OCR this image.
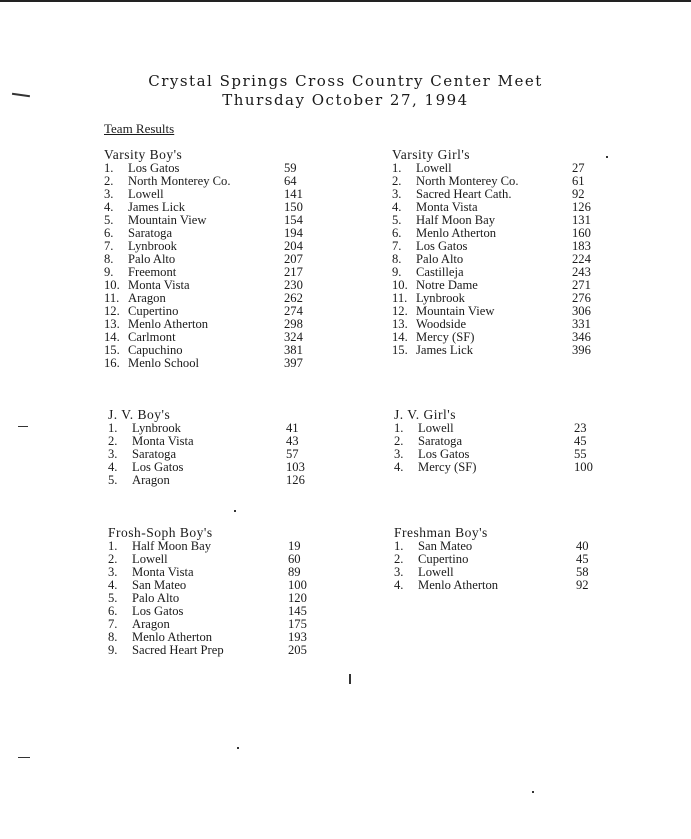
Crystal Springs Cross Country Center Meet
Thursday October 27, 1994
Team Results
Varsity Boy's
1. Los Gatos	59
2. North Monterey Co.	64
3. Lowell	141
4. James Lick	150
5. Mountain View	154
6. Saratoga	194
7. Lynbrook	204
8. Palo Alto	207
9. Freemont	217
10. Monta Vista	230
11. Aragon	262
12. Cupertino	274
13. Menlo Atherton	298
14. Carlmont	324
15. Capuchino	381
16. Menlo School	397
Varsity Girl's
1. Lowell	27
2. North Monterey Co.	61
3. Sacred Heart Cath.	92
4. Monta Vista	126
5. Half Moon Bay	131
6. Menlo Atherton	160
7. Los Gatos	183
8. Palo Alto	224
9. Castilleja	243
10. Notre Dame	271
11. Lynbrook	276
12. Mountain View	306
13. Woodside	331
14. Mercy (SF)	346
15. James Lick	396
J. V. Boy's
1. Lynbrook	41
2. Monta Vista	43
3. Saratoga	57
4. Los Gatos	103
5. Aragon	126
J. V. Girl's
1. Lowell	23
2. Saratoga	45
3. Los Gatos	55
4. Mercy (SF)	100
Frosh-Soph Boy's
1. Half Moon Bay	19
2. Lowell	60
3. Monta Vista	89
4. San Mateo	100
5. Palo Alto	120
6. Los Gatos	145
7. Aragon	175
8. Menlo Atherton	193
9. Sacred Heart Prep	205
Freshman Boy's
1. San Mateo	40
2. Cupertino	45
3. Lowell	58
4. Menlo Atherton	92
